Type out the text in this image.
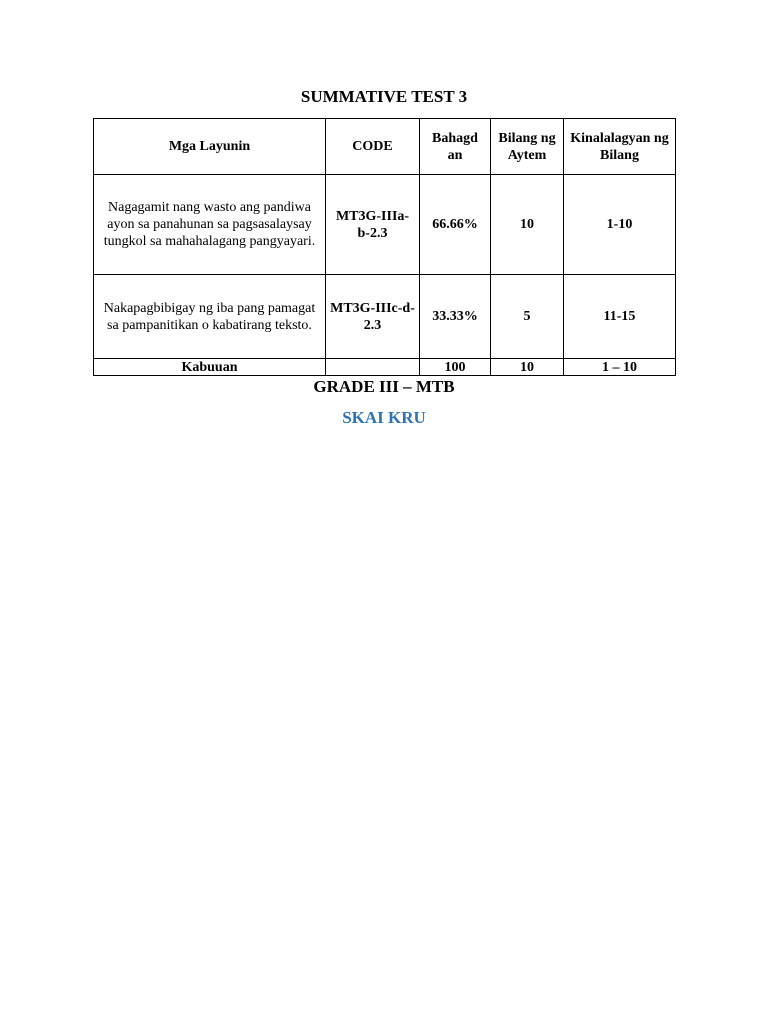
SUMMATIVE TEST 3
Mga Layunin	CODE	Bahagd an	Bilang ng Aytem	Kinalalagyan ng Bilang
Nagagamit nang wasto ang pandiwa ayon sa panahunan sa pagsasalaysay tungkol sa mahahalagang pangyayari.	MT3G-IIIa-b-2.3	66.66%	10	1-10
Nakapagbibigay ng iba pang pamagat sa pampanitikan o kabatirang teksto.	MT3G-IIIc-d-2.3	33.33%	5	11-15
Kabuuan		100	10	1 – 10
GRADE III – MTB
SKAI KRU
